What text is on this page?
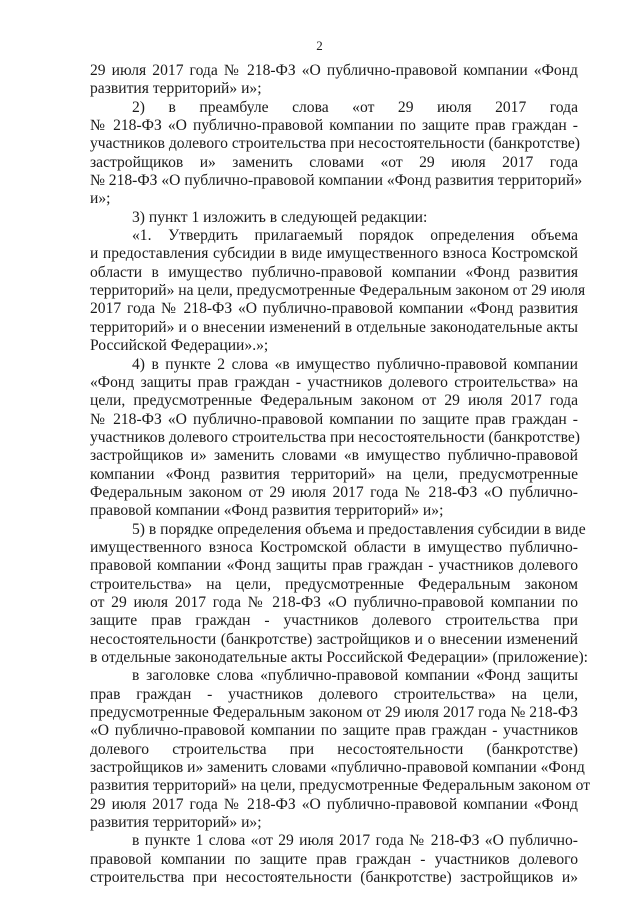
2

29 июля 2017 года № 218-ФЗ «О публично-правовой компании «Фонд
развития территорий» и»;

2) в преамбуле слова «от 29 июля 2017 года

№ 218-ФЗ «О публично-правовой компании по защите прав граждан -
участников долевого строительства при несостоятельности (банкротстве)
застройщиков и» заменить словами «от 29 июля 2017 года
№ 218-ФЗ «О публично-правовой компании «Фонд развития территорий»
и»;

3) пункт 1 изложить в следующей редакции:

«1. Утвердить прилагаемый порядок определения объема

и предоставления субсидии в виде имущественного взноса Костромской
области в имущество публично-правовой компании «Фонд развития
территорий» на цели, предусмотренные Федеральным законом от 29 июля
2017 года № 218-ФЗ «О публично-правовой компании «Фонд развития
территорий» и о внесении изменений в отдельные законодательные акты
Российской Федерации».»;

4) в пункте 2 слова «в имущество публично-правовой компании

«Фонд защиты прав граждан - участников долевого строительства» на
цели, предусмотренные Федеральным законом от 29 июля 2017 года
№ 218-ФЗ «О публично-правовой компании по защите прав граждан -
участников долевого строительства при несостоятельности (банкротстве)
застройщиков и» заменить словами «в имущество публично-правовой
компании «Фонд развития территорий» на цели, предусмотренные
Федеральным законом от 29 июля 2017 года № 218-ФЗ «О публично-
правовой компании «Фонд развития территорий» и»;

5) в порядке определения объема и предоставления субсидии в виде

имущественного взноса Костромской области в имущество публично-
правовой компании «Фонд защиты прав граждан - участников долевого
строительства» на цели, предусмотренные Федеральным законом
от 29 июля 2017 года № 218-ФЗ «О публично-правовой компании по
защите прав граждан - участников долевого строительства при
несостоятельности (банкротстве) застройщиков и о внесении изменений
в отдельные законодательные акты Российской Федерации» (приложение):

в заголовке слова «публично-правовой компании «Фонд защиты

прав граждан - участников долевого строительства» на цели,
предусмотренные Федеральным законом от 29 июля 2017 года № 218-ФЗ
«О публично-правовой компании по защите прав граждан - участников
долевого строительства при несостоятельности (банкротстве)
застройщиков и» заменить словами «публично-правовой компании «Фонд
развития территорий» на цели, предусмотренные Федеральным законом от
29 июля 2017 года № 218-ФЗ «О публично-правовой компании «Фонд
развития территорий» и»;

в пункте 1 слова «от 29 июля 2017 года № 218-ФЗ «О публично-

правовой компании по защите прав граждан - участников долевого
строительства при несостоятельности (банкротстве) застройщиков и»
